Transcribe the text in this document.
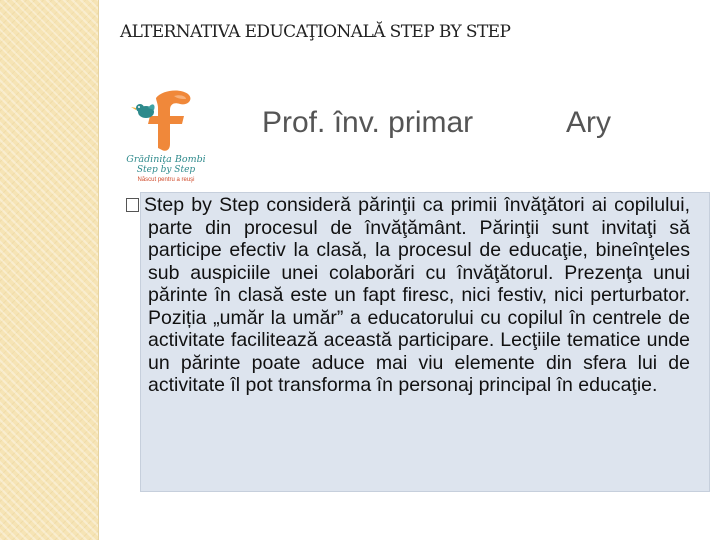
ALTERNATIVA EDUCAŢIONALĂ STEP BY STEP
Grădiniţa Bombi
Step by Step
Născut pentru a reuşi
Prof. înv. primar	Ary

Step by Step consideră părinţii ca primii învăţători ai copilului, parte din procesul de învăţământ. Părinţii sunt invitaţi să participe efectiv la clasă, la procesul de educaţie, bineînţeles sub auspiciile unei colaborări cu învăţătorul. Prezenţa unui părinte în clasă este un fapt firesc, nici festiv, nici perturbator. Poziția „umăr la umăr” a educatorului cu copilul în centrele de activitate facilitează această participare. Lecţiile tematice unde un părinte poate aduce mai viu elemente din sfera lui de activitate îl pot transforma în personaj principal în educaţie.
